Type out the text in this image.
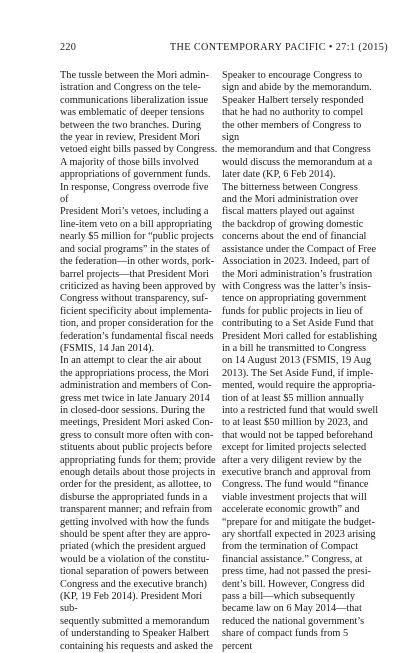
220	THE CONTEMPORARY PACIFIC • 27:1 (2015)

The tussle between the Mori admin-
istration and Congress on the tele-
communications liberalization issue
was emblematic of deeper tensions
between the two branches. During
the year in review, President Mori
vetoed eight bills passed by Congress.
A majority of those bills involved
appropriations of government funds.
In response, Congress overrode five of
President Mori’s vetoes, including a
line-item veto on a bill appropriating
nearly $5 million for “public projects
and social programs” in the states of
the federation—in other words, pork-
barrel projects—that President Mori
criticized as having been approved by
Congress without transparency, suf-
ficient specificity about implementa-
tion, and proper consideration for the
federation’s fundamental fiscal needs
(FSMIS, 14 Jan 2014).

In an attempt to clear the air about
the appropriations process, the Mori
administration and members of Con-
gress met twice in late January 2014
in closed-door sessions. During the
meetings, President Mori asked Con-
gress to consult more often with con-
stituents about public projects before
appropriating funds for them; provide
enough details about those projects in
order for the president, as allottee, to
disburse the appropriated funds in a
transparent manner; and refrain from
getting involved with how the funds
should be spent after they are appro-
priated (which the president argued
would be a violation of the constitu-
tional separation of powers between
Congress and the executive branch)
(KP, 19 Feb 2014). President Mori sub-
sequently submitted a memorandum
of understanding to Speaker Halbert
containing his requests and asked the

Speaker to encourage Congress to
sign and abide by the memorandum.
Speaker Halbert tersely responded
that he had no authority to compel
the other members of Congress to sign
the memorandum and that Congress
would discuss the memorandum at a
later date (KP, 6 Feb 2014).

The bitterness between Congress
and the Mori administration over
fiscal matters played out against
the backdrop of growing domestic
concerns about the end of financial
assistance under the Compact of Free
Association in 2023. Indeed, part of
the Mori administration’s frustration
with Congress was the latter’s insis-
tence on appropriating government
funds for public projects in lieu of
contributing to a Set Aside Fund that
President Mori called for establishing
in a bill he transmitted to Congress
on 14 August 2013 (FSMIS, 19 Aug
2013). The Set Aside Fund, if imple-
mented, would require the appropria-
tion of at least $5 million annually
into a restricted fund that would swell
to at least $50 million by 2023, and
that would not be tapped beforehand
except for limited projects selected
after a very diligent review by the
executive branch and approval from
Congress. The fund would “finance
viable investment projects that will
accelerate economic growth” and
“prepare for and mitigate the budget-
ary shortfall expected in 2023 arising
from the termination of Compact
financial assistance.” Congress, at
press time, had not passed the presi-
dent’s bill. However, Congress did
pass a bill—which subsequently
became law on 6 May 2014—that
reduced the national government’s
share of compact funds from 5 percent
